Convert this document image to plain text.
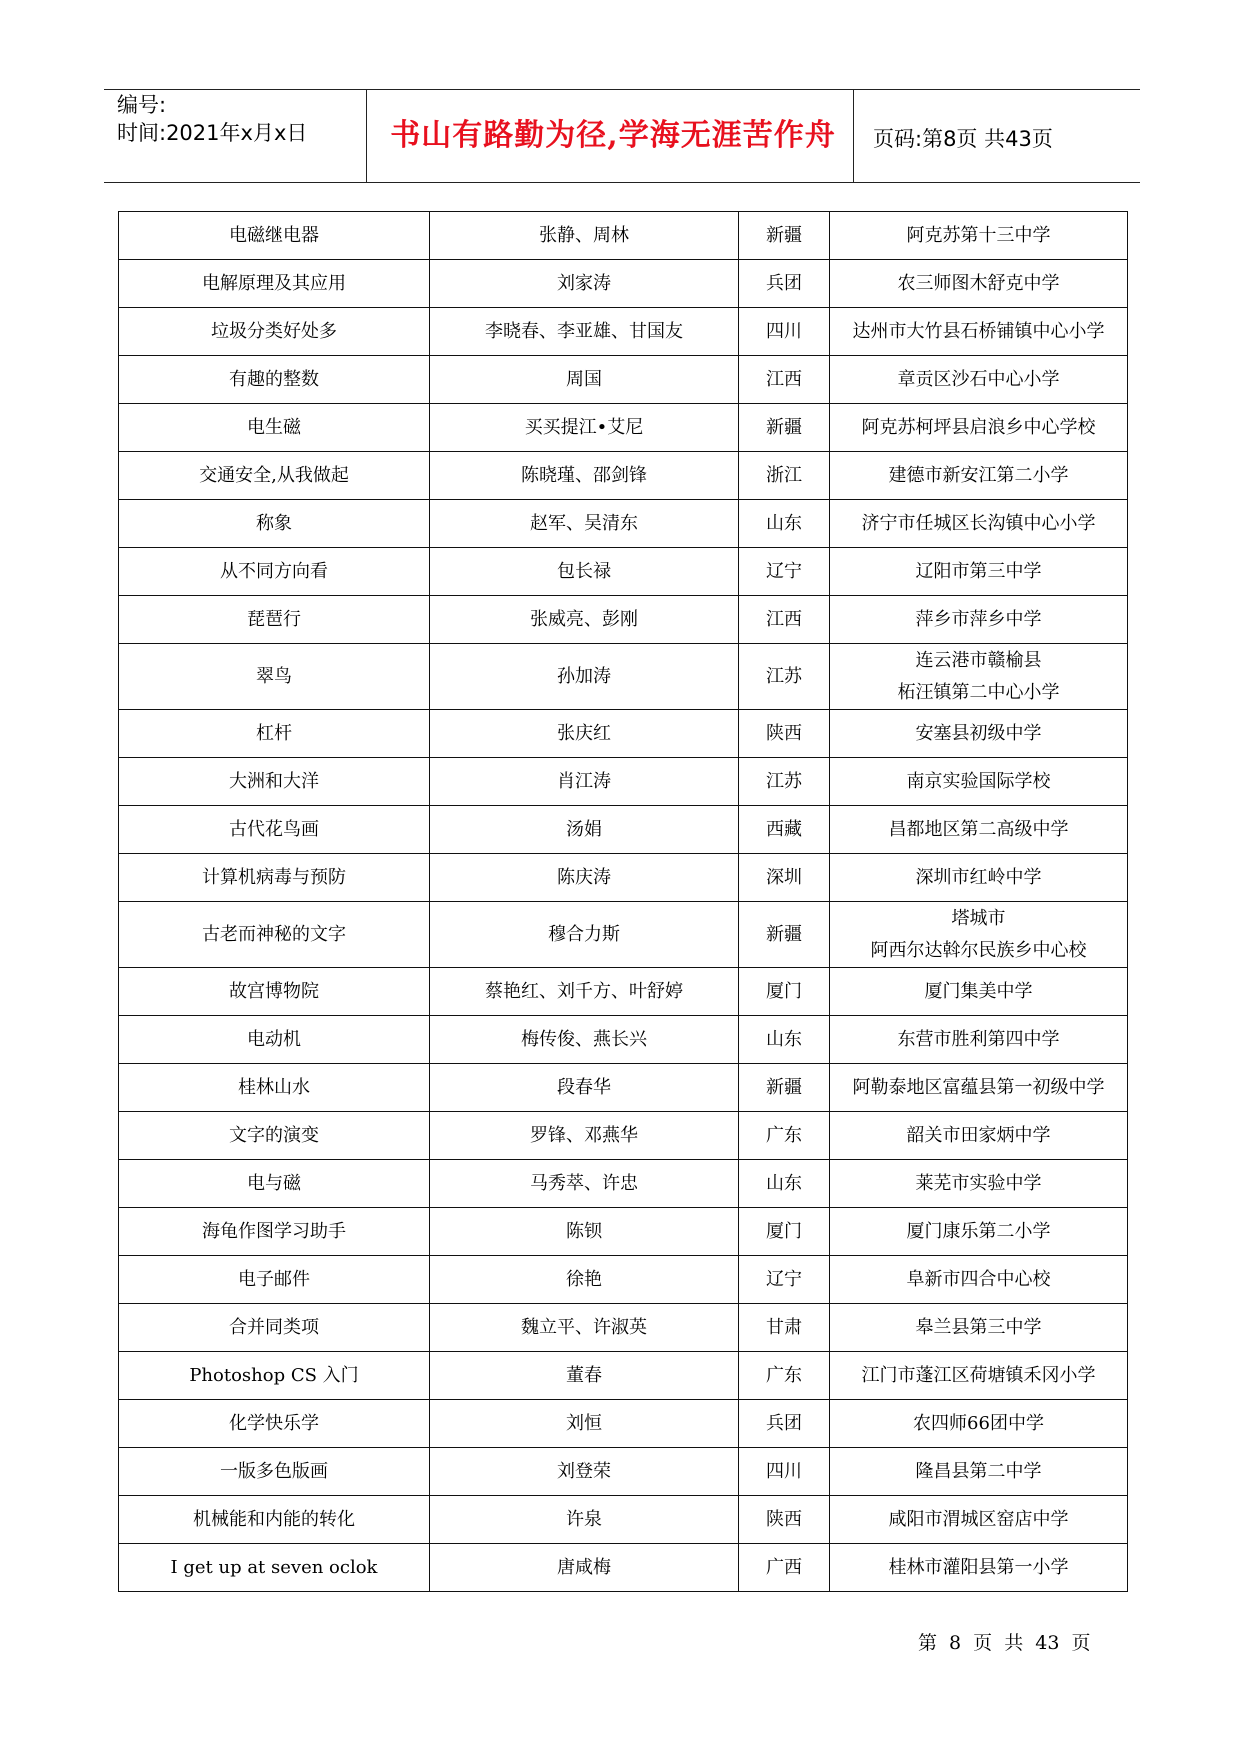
编号:
时间:2021年x月x日	书山有路勤为径,学海无涯苦作舟	页码:第8页 共43页
电磁继电器	张静、周林	新疆	阿克苏第十三中学
电解原理及其应用	刘家涛	兵团	农三师图木舒克中学
垃圾分类好处多	李晓春、李亚雄、甘国友	四川	达州市大竹县石桥铺镇中心小学
有趣的整数	周国	江西	章贡区沙石中心小学
电生磁	买买提江•艾尼	新疆	阿克苏柯坪县启浪乡中心学校
交通安全,从我做起	陈晓瑾、邵剑锋	浙江	建德市新安江第二小学
称象	赵军、吴清东	山东	济宁市任城区长沟镇中心小学
从不同方向看	包长禄	辽宁	辽阳市第三中学
琵琶行	张威亮、彭刚	江西	萍乡市萍乡中学
翠鸟	孙加涛	江苏	连云港市赣榆县
柘汪镇第二中心小学
杠杆	张庆红	陕西	安塞县初级中学
大洲和大洋	肖江涛	江苏	南京实验国际学校
古代花鸟画	汤娟	西藏	昌都地区第二高级中学
计算机病毒与预防	陈庆涛	深圳	深圳市红岭中学
古老而神秘的文字	穆合力斯	新疆	塔城市
阿西尔达斡尔民族乡中心校
故宫博物院	蔡艳红、刘千方、叶舒婷	厦门	厦门集美中学
电动机	梅传俊、燕长兴	山东	东营市胜利第四中学
桂林山水	段春华	新疆	阿勒泰地区富蕴县第一初级中学
文字的演变	罗锋、邓燕华	广东	韶关市田家炳中学
电与磁	马秀萃、许忠	山东	莱芜市实验中学
海龟作图学习助手	陈钡	厦门	厦门康乐第二小学
电子邮件	徐艳	辽宁	阜新市四合中心校
合并同类项	魏立平、许淑英	甘肃	皋兰县第三中学
Photoshop CS 入门	董春	广东	江门市蓬江区荷塘镇禾冈小学
化学快乐学	刘恒	兵团	农四师66团中学
一版多色版画	刘登荣	四川	隆昌县第二中学
机械能和内能的转化	许泉	陕西	咸阳市渭城区窑店中学
I get up at seven oclok	唐咸梅	广西	桂林市灌阳县第一小学
第 8 页 共 43 页
